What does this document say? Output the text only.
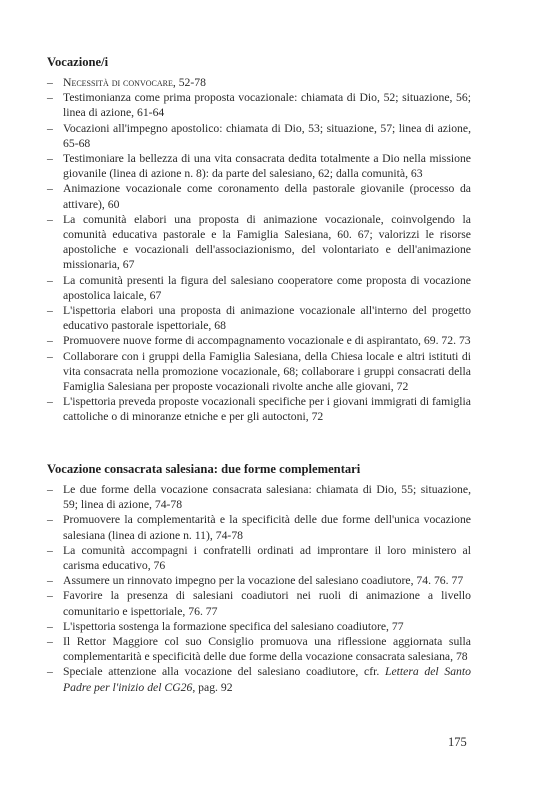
Vocazione/i
– Necessità di convocare, 52-78
– Testimonianza come prima proposta vocazionale: chiamata di Dio, 52; situazione, 56; linea di azione, 61-64
– Vocazioni all'impegno apostolico: chiamata di Dio, 53; situazione, 57; linea di azione, 65-68
– Testimoniare la bellezza di una vita consacrata dedita totalmente a Dio nella missione giovanile (linea di azione n. 8): da parte del salesiano, 62; dalla comunità, 63
– Animazione vocazionale come coronamento della pastorale giovanile (processo da attivare), 60
– La comunità elabori una proposta di animazione vocazionale, coinvolgendo la comunità educativa pastorale e la Famiglia Salesiana, 60. 67; valorizzi le risorse apostoliche e vocazionali dell'associazionismo, del volontariato e dell'animazione missionaria, 67
– La comunità presenti la figura del salesiano cooperatore come proposta di vocazione apostolica laicale, 67
– L'ispettoria elabori una proposta di animazione vocazionale all'interno del progetto educativo pastorale ispettoriale, 68
– Promuovere nuove forme di accompagnamento vocazionale e di aspirantato, 69. 72. 73
– Collaborare con i gruppi della Famiglia Salesiana, della Chiesa locale e altri istituti di vita consacrata nella promozione vocazionale, 68; collaborare i gruppi consacrati della Famiglia Salesiana per proposte vocazionali rivolte anche alle giovani, 72
– L'ispettoria preveda proposte vocazionali specifiche per i giovani immigrati di famiglia cattoliche o di minoranze etniche e per gli autoctoni, 72
Vocazione consacrata salesiana: due forme complementari
– Le due forme della vocazione consacrata salesiana: chiamata di Dio, 55; situazione, 59; linea di azione, 74-78
– Promuovere la complementarità e la specificità delle due forme dell'unica vocazione salesiana (linea di azione n. 11), 74-78
– La comunità accompagni i confratelli ordinati ad improntare il loro ministero al carisma educativo, 76
– Assumere un rinnovato impegno per la vocazione del salesiano coadiutore, 74. 76. 77
– Favorire la presenza di salesiani coadiutori nei ruoli di animazione a livello comunitario e ispettoriale, 76. 77
– L'ispettoria sostenga la formazione specifica del salesiano coadiutore, 77
– Il Rettor Maggiore col suo Consiglio promuova una riflessione aggiornata sulla complementarità e specificità delle due forme della vocazione consacrata salesiana, 78
– Speciale attenzione alla vocazione del salesiano coadiutore, cfr. Lettera del Santo Padre per l'inizio del CG26, pag. 92
175
